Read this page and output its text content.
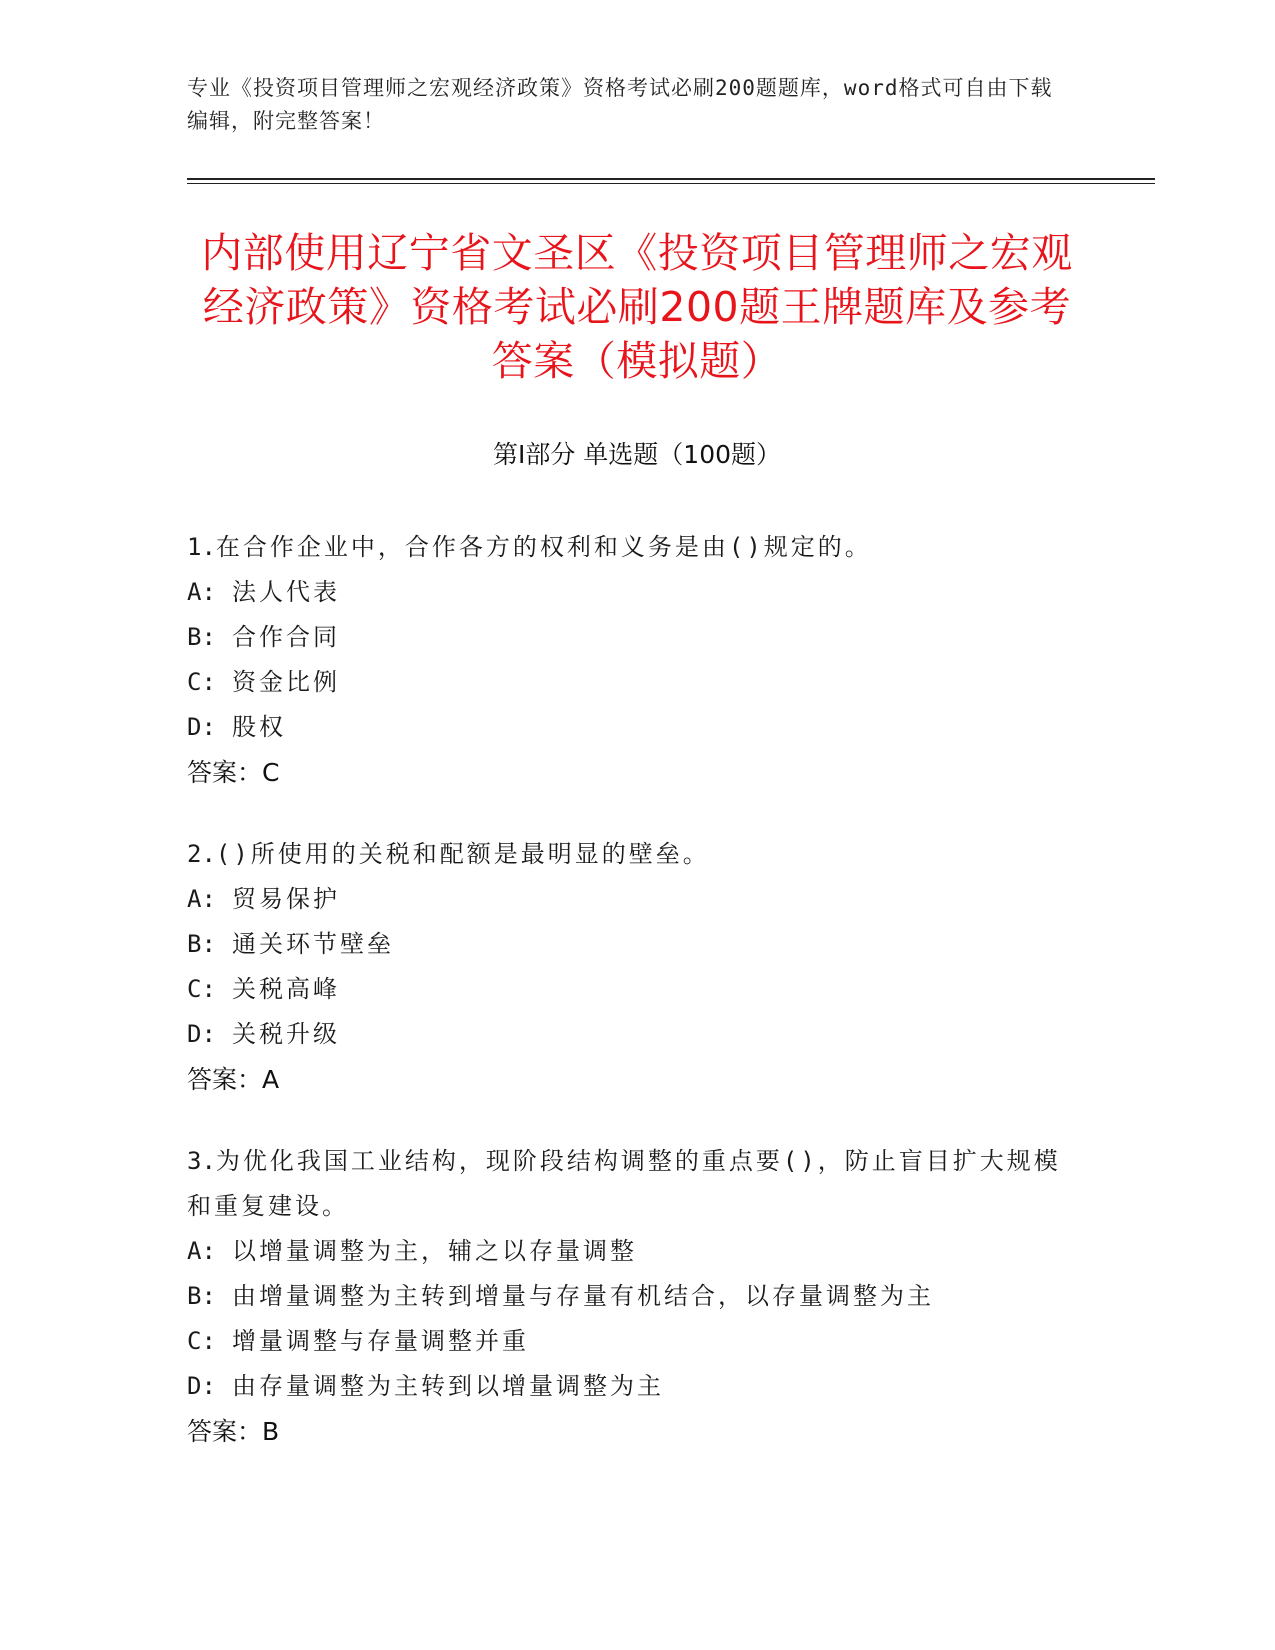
专业《投资项目管理师之宏观经济政策》资格考试必刷200题题库，word格式可自由下载编辑，附完整答案！
内部使用辽宁省文圣区《投资项目管理师之宏观经济政策》资格考试必刷200题王牌题库及参考答案（模拟题）
第Ⅰ部分 单选题（100题）
1.在合作企业中，合作各方的权利和义务是由()规定的。
A: 法人代表
B: 合作合同
C: 资金比例
D: 股权
答案：C
2.()所使用的关税和配额是最明显的壁垒。
A: 贸易保护
B: 通关环节壁垒
C: 关税高峰
D: 关税升级
答案：A
3.为优化我国工业结构，现阶段结构调整的重点要()，防止盲目扩大规模和重复建设。
A: 以增量调整为主，辅之以存量调整
B: 由增量调整为主转到增量与存量有机结合，以存量调整为主
C: 增量调整与存量调整并重
D: 由存量调整为主转到以增量调整为主
答案：B
